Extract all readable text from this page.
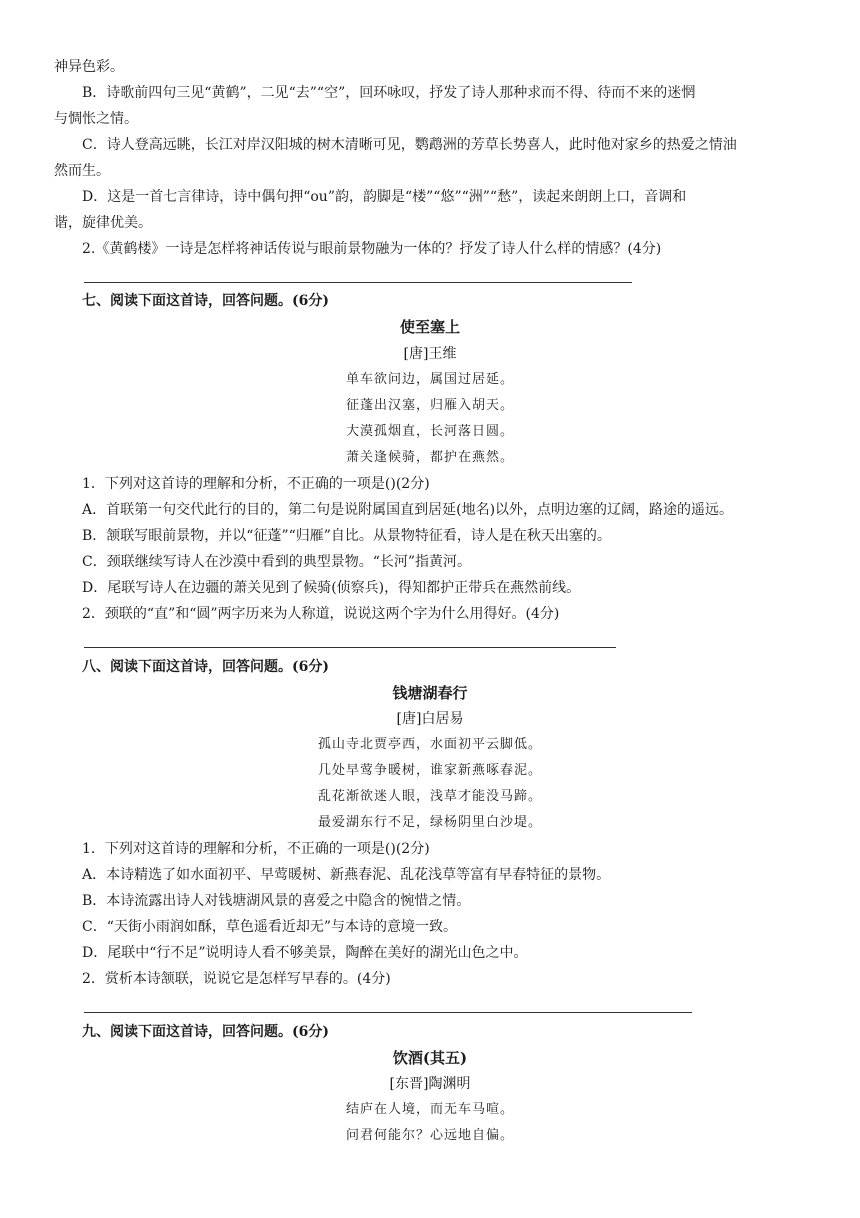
神异色彩。
B．诗歌前四句三见“黄鹤”，二见“去”“空”，回环咏叹，抒发了诗人那种求而不得、待而不来的迷惘
与惆怅之情。
C．诗人登高远眺，长江对岸汉阳城的树木清晰可见，鹦鹉洲的芳草长势喜人，此时他对家乡的热爱之情油
然而生。
D．这是一首七言律诗，诗中偶句押“ou”韵，韵脚是“楼”“悠”“洲”“愁”，读起来朗朗上口，音调和
谐，旋律优美。
2.《黄鹤楼》一诗是怎样将神话传说与眼前景物融为一体的？抒发了诗人什么样的情感？(4分)
七、阅读下面这首诗，回答问题。(6分)
使至塞上
[唐]王维
单车欲问边，属国过居延。
征蓬出汉塞，归雁入胡天。
大漠孤烟直，长河落日圆。
萧关逢候骑，都护在燕然。
1．下列对这首诗的理解和分析，不正确的一项是()(2分)
A．首联第一句交代此行的目的，第二句是说附属国直到居延(地名)以外，点明边塞的辽阔，路途的遥远。
B．颔联写眼前景物，并以“征蓬”“归雁”自比。从景物特征看，诗人是在秋天出塞的。
C．颈联继续写诗人在沙漠中看到的典型景物。“长河”指黄河。
D．尾联写诗人在边疆的萧关见到了候骑(侦察兵)，得知都护正带兵在燕然前线。
2．颈联的“直”和“圆”两字历来为人称道，说说这两个字为什么用得好。(4分)
八、阅读下面这首诗，回答问题。(6分)
钱塘湖春行
[唐]白居易
孤山寺北贾亭西，水面初平云脚低。
几处早莺争暖树，谁家新燕啄春泥。
乱花渐欲迷人眼，浅草才能没马蹄。
最爱湖东行不足，绿杨阴里白沙堤。
1．下列对这首诗的理解和分析，不正确的一项是()(2分)
A．本诗精选了如水面初平、早莺暖树、新燕春泥、乱花浅草等富有早春特征的景物。
B．本诗流露出诗人对钱塘湖风景的喜爱之中隐含的惋惜之情。
C．“天街小雨润如酥，草色遥看近却无”与本诗的意境一致。
D．尾联中“行不足”说明诗人看不够美景，陶醉在美好的湖光山色之中。
2．赏析本诗颔联，说说它是怎样写早春的。(4分)
九、阅读下面这首诗，回答问题。(6分)
饮酒(其五)
[东晋]陶渊明
结庐在人境，而无车马喧。
问君何能尔？心远地自偏。
